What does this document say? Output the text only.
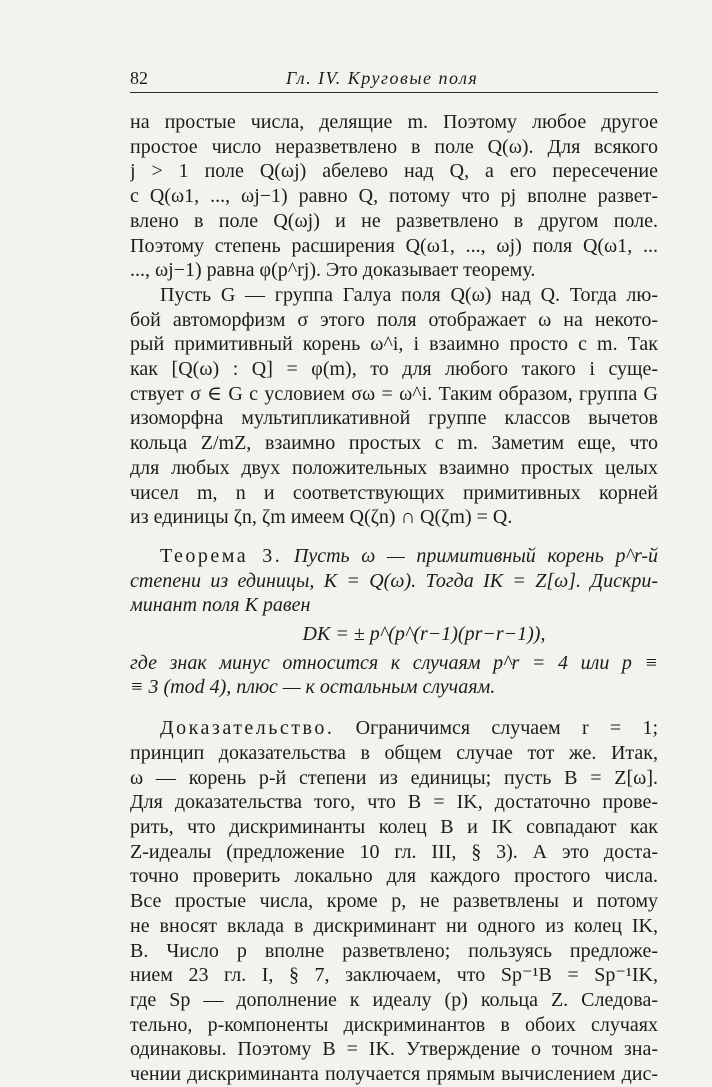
82	Гл. IV. Круговые поля
на простые числа, делящие m. Поэтому любое другое
простое число неразветвлено в поле Q(ω). Для всякого
j > 1 поле Q(ωj) абелево над Q, а его пересечение
с Q(ω1, ..., ωj−1) равно Q, потому что pj вполне развет-
влено в поле Q(ωj) и не разветвлено в другом поле.
Поэтому степень расширения Q(ω1, ..., ωj) поля Q(ω1, ...
..., ωj−1) равна φ(p^rj). Это доказывает теорему.
Пусть G — группа Галуа поля Q(ω) над Q. Тогда лю-
бой автоморфизм σ этого поля отображает ω на некото-
рый примитивный корень ω^i, i взаимно просто с m. Так
как [Q(ω) : Q] = φ(m), то для любого такого i суще-
ствует σ ∈ G с условием σω = ω^i. Таким образом, группа G
изоморфна мультипликативной группе классов вычетов
кольца Z/mZ, взаимно простых с m. Заметим еще, что
для любых двух положительных взаимно простых целых
чисел m, n и соответствующих примитивных корней
из единицы ζn, ζm имеем Q(ζn) ∩ Q(ζm) = Q.
Теорема 3. Пусть ω — примитивный корень p^r-й
степени из единицы, K = Q(ω). Тогда IK = Z[ω]. Дискри-
минант поля K равен
DK = ± p^(p^(r−1)(pr−r−1)),
где знак минус относится к случаям p^r = 4 или p ≡
≡ 3 (mod 4), плюс — к остальным случаям.
Доказательство. Ограничимся случаем r = 1;
принцип доказательства в общем случае тот же. Итак,
ω — корень p-й степени из единицы; пусть B = Z[ω].
Для доказательства того, что B = IK, достаточно прове-
рить, что дискриминанты колец B и IK совпадают как
Z-идеалы (предложение 10 гл. III, § 3). А это доста-
точно проверить локально для каждого простого числа.
Все простые числа, кроме p, не разветвлены и потому
не вносят вклада в дискриминант ни одного из колец IK,
B. Число p вполне разветвлено; пользуясь предложе-
нием 23 гл. I, § 7, заключаем, что Sp⁻¹B = Sp⁻¹IK,
где Sp — дополнение к идеалу (p) кольца Z. Следова-
тельно, p-компоненты дискриминантов в обоих случаях
одинаковы. Поэтому B = IK. Утверждение о точном зна-
чении дискриминанта получается прямым вычислением дис-
